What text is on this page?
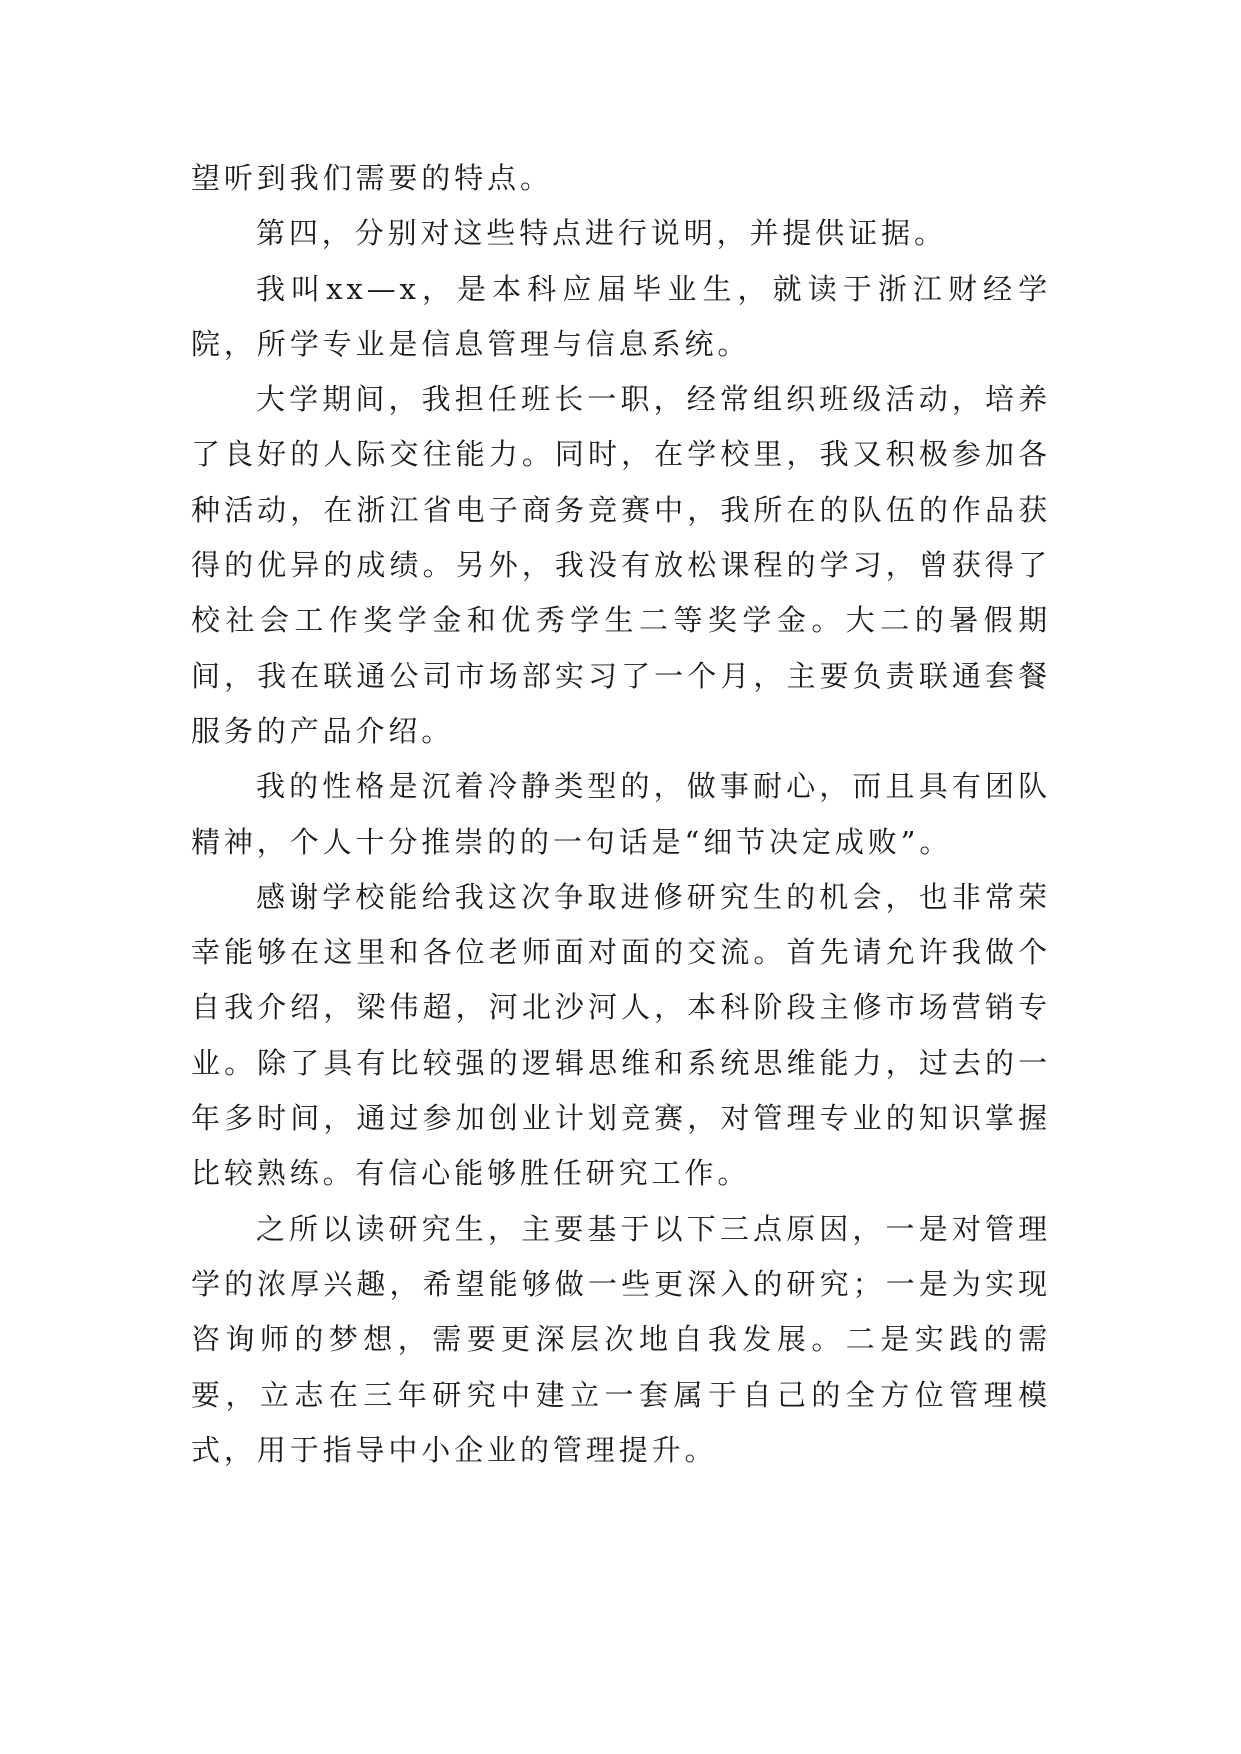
望听到我们需要的特点。

第四，分别对这些特点进行说明，并提供证据。

我叫xx—x，是本科应届毕业生，就读于浙江财经学院，所学专业是信息管理与信息系统。

大学期间，我担任班长一职，经常组织班级活动，培养了良好的人际交往能力。同时，在学校里，我又积极参加各种活动，在浙江省电子商务竞赛中，我所在的队伍的作品获得的优异的成绩。另外，我没有放松课程的学习，曾获得了校社会工作奖学金和优秀学生二等奖学金。大二的暑假期间，我在联通公司市场部实习了一个月，主要负责联通套餐服务的产品介绍。

我的性格是沉着冷静类型的，做事耐心，而且具有团队精神，个人十分推崇的的一句话是“细节决定成败”。

感谢学校能给我这次争取进修研究生的机会，也非常荣幸能够在这里和各位老师面对面的交流。首先请允许我做个自我介绍，梁伟超，河北沙河人，本科阶段主修市场营销专业。除了具有比较强的逻辑思维和系统思维能力，过去的一年多时间，通过参加创业计划竞赛，对管理专业的知识掌握比较熟练。有信心能够胜任研究工作。

之所以读研究生，主要基于以下三点原因，一是对管理学的浓厚兴趣，希望能够做一些更深入的研究；一是为实现咨询师的梦想，需要更深层次地自我发展。二是实践的需要，立志在三年研究中建立一套属于自己的全方位管理模式，用于指导中小企业的管理提升。
